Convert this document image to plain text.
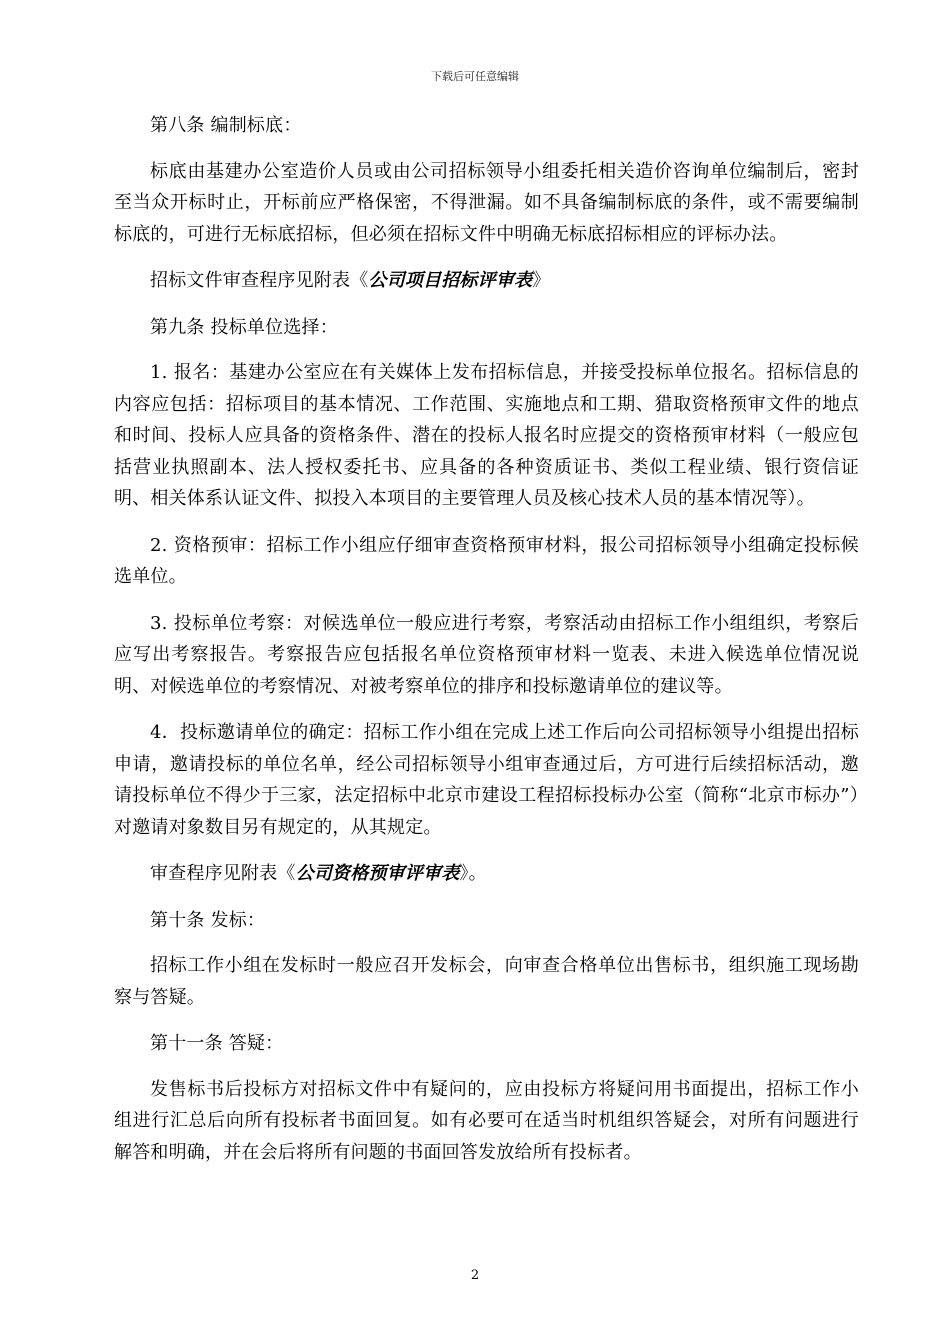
下载后可任意编辑

第八条 编制标底：

标底由基建办公室造价人员或由公司招标领导小组委托相关造价咨询单位编制后，密封至当众开标时止，开标前应严格保密，不得泄漏。如不具备编制标底的条件，或不需要编制标底的，可进行无标底招标，但必须在招标文件中明确无标底招标相应的评标办法。

招标文件审查程序见附表《公司项目招标评审表》

第九条 投标单位选择：

1. 报名：基建办公室应在有关媒体上发布招标信息，并接受投标单位报名。招标信息的内容应包括：招标项目的基本情况、工作范围、实施地点和工期、猎取资格预审文件的地点和时间、投标人应具备的资格条件、潜在的投标人报名时应提交的资格预审材料（一般应包括营业执照副本、法人授权委托书、应具备的各种资质证书、类似工程业绩、银行资信证明、相关体系认证文件、拟投入本项目的主要管理人员及核心技术人员的基本情况等）。

2. 资格预审：招标工作小组应仔细审查资格预审材料，报公司招标领导小组确定投标候选单位。

3. 投标单位考察：对候选单位一般应进行考察，考察活动由招标工作小组组织，考察后应写出考察报告。考察报告应包括报名单位资格预审材料一览表、未进入候选单位情况说明、对候选单位的考察情况、对被考察单位的排序和投标邀请单位的建议等。

4．投标邀请单位的确定：招标工作小组在完成上述工作后向公司招标领导小组提出招标申请，邀请投标的单位名单，经公司招标领导小组审查通过后，方可进行后续招标活动，邀请投标单位不得少于三家，法定招标中北京市建设工程招标投标办公室（简称“北京市标办”）对邀请对象数目另有规定的，从其规定。

审查程序见附表《公司资格预审评审表》。

第十条 发标：

招标工作小组在发标时一般应召开发标会，向审查合格单位出售标书，组织施工现场勘察与答疑。

第十一条 答疑：

发售标书后投标方对招标文件中有疑问的，应由投标方将疑问用书面提出，招标工作小组进行汇总后向所有投标者书面回复。如有必要可在适当时机组织答疑会，对所有问题进行解答和明确，并在会后将所有问题的书面回答发放给所有投标者。

2
